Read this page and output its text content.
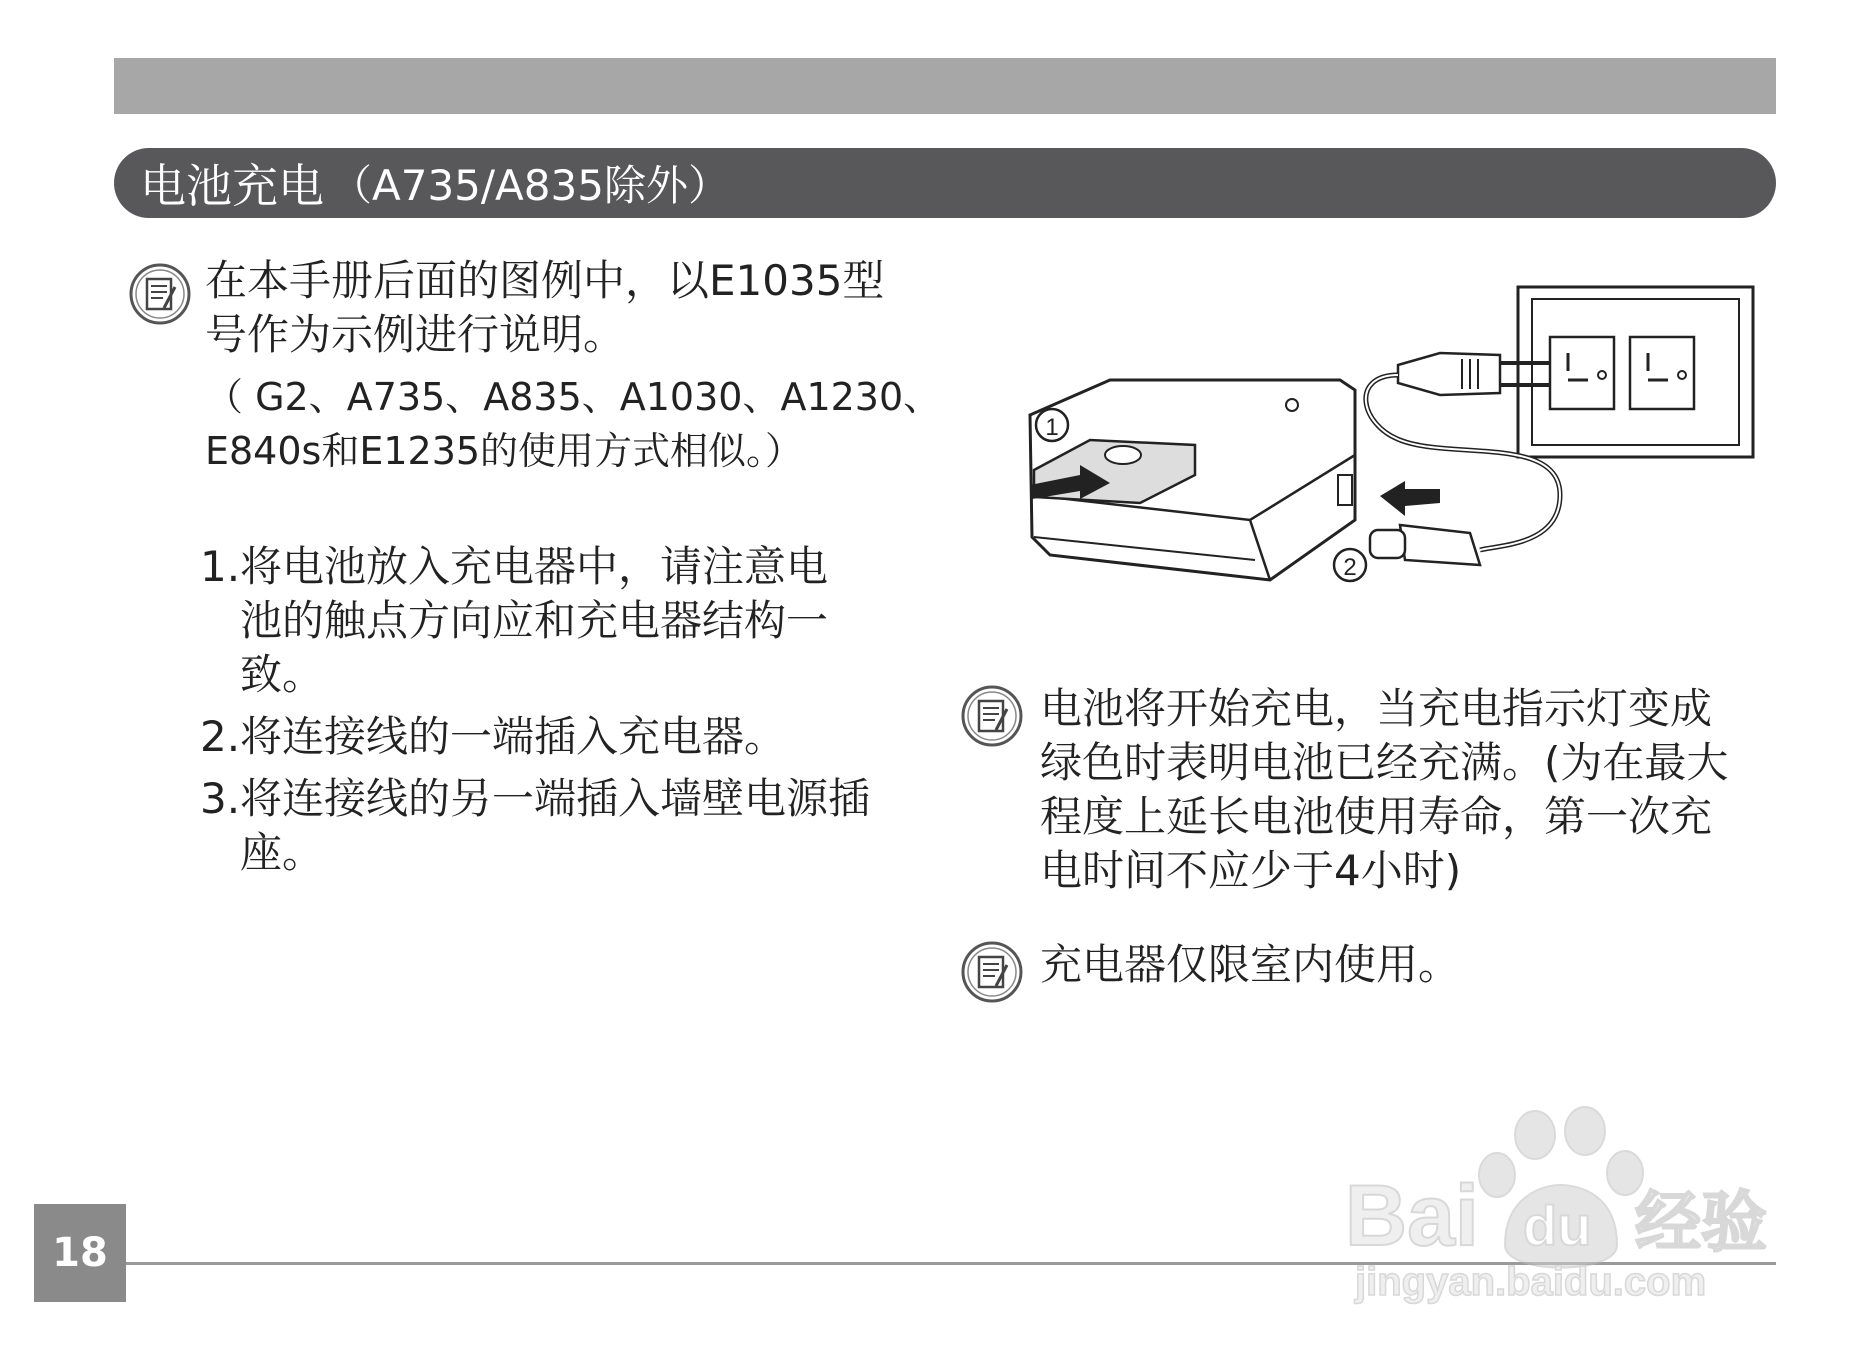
电池充电 （A735/A835除外）
在本手册后面的图例中，以E1035型
号作为示例进行说明。
（ G2、A735、A835、A1030、A1230、
E840s和E1235的使用方式相似。）
1. 将电池放入充电器中，请注意电
池的触点方向应和充电器结构一
致。
2. 将连接线的一端插入充电器。
3. 将连接线的另一端插入墙壁电源插
座。
1
2
电池将开始充电，当充电指示灯变成
绿色时表明电池已经充满。(为在最大
程度上延长电池使用寿命，第一次充
电时间不应少于4小时)
充电器仅限室内使用。
18	Bai du 经验
jingyan.baidu.com
